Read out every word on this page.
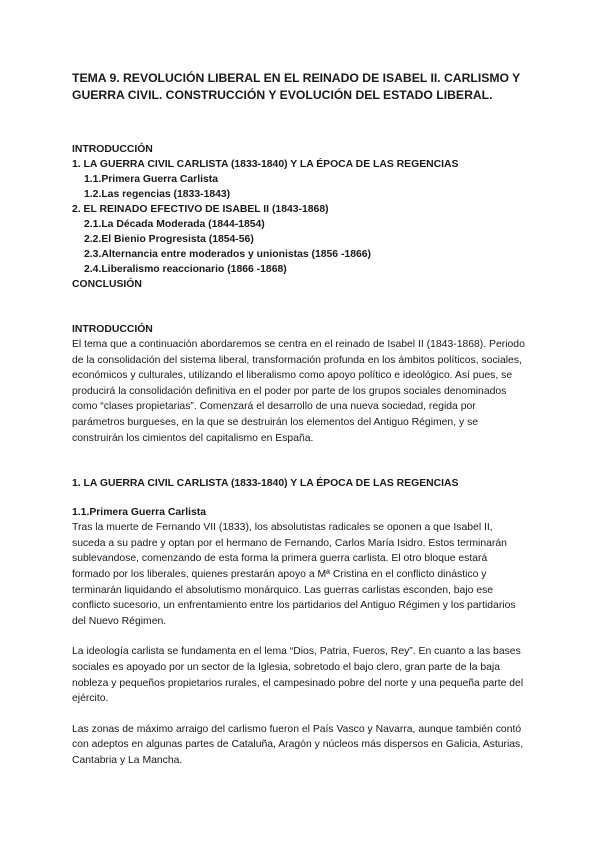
TEMA 9. REVOLUCIÓN LIBERAL EN EL REINADO DE ISABEL II. CARLISMO Y GUERRA CIVIL. CONSTRUCCIÓN Y EVOLUCIÓN DEL ESTADO LIBERAL.

INTRODUCCIÓN
1. LA GUERRA CIVIL CARLISTA (1833-1840) Y LA ÉPOCA DE LAS REGENCIAS
1.1.Primera Guerra Carlista
1.2.Las regencias (1833-1843)
2. EL REINADO EFECTIVO DE ISABEL II (1843-1868)
2.1.La Década Moderada (1844-1854)
2.2.El Bienio Progresista (1854-56)
2.3.Alternancia entre moderados y unionistas (1856 -1866)
2.4.Liberalismo reaccionario (1866 -1868)
CONCLUSIÓN
INTRODUCCIÓN

El tema que a continuación abordaremos se centra en el reinado de Isabel II (1843-1868). Periodo de la consolidación del sistema liberal, transformación profunda en los ámbitos políticos, sociales, económicos y culturales, utilizando el liberalismo como apoyo político e ideológico. Así pues, se producirá la consolidación definitiva en el poder por parte de los grupos sociales denominados como “clases propietarias”. Comenzará el desarrollo de una nueva sociedad, regida por parámetros burgueses, en la que se destruirán los elementos del Antiguo Régimen, y se construirán los cimientos del capitalismo en España.

1. LA GUERRA CIVIL CARLISTA (1833-1840) Y LA ÉPOCA DE LAS REGENCIAS
1.1.Primera Guerra Carlista

Tras la muerte de Fernando VII (1833), los absolutistas radicales se oponen a que Isabel II, suceda a su padre y optan por el hermano de Fernando, Carlos María Isidro. Estos terminarán sublevandose, comenzando de esta forma la primera guerra carlista. El otro bloque estará formado por los liberales, quienes prestarán apoyo a Mª Cristina en el conflicto dinástico y terminarán liquidando el absolutismo monárquico. Las guerras carlistas esconden, bajo ese conflicto sucesorio, un enfrentamiento entre los partidarios del Antiguo Régimen y los partidarios del Nuevo Régimen.

La ideología carlista se fundamenta en el lema “Dios, Patria, Fueros, Rey”. En cuanto a las bases sociales es apoyado por un sector de la Iglesia, sobretodo el bajo clero, gran parte de la baja nobleza y pequeños propietarios rurales, el campesinado pobre del norte y una pequeña parte del ejército.

Las zonas de máximo arraigo del carlismo fueron el País Vasco y Navarra, aunque también contó con adeptos en algunas partes de Cataluña, Aragón y núcleos más dispersos en Galicia, Asturias, Cantabria y La Mancha.
